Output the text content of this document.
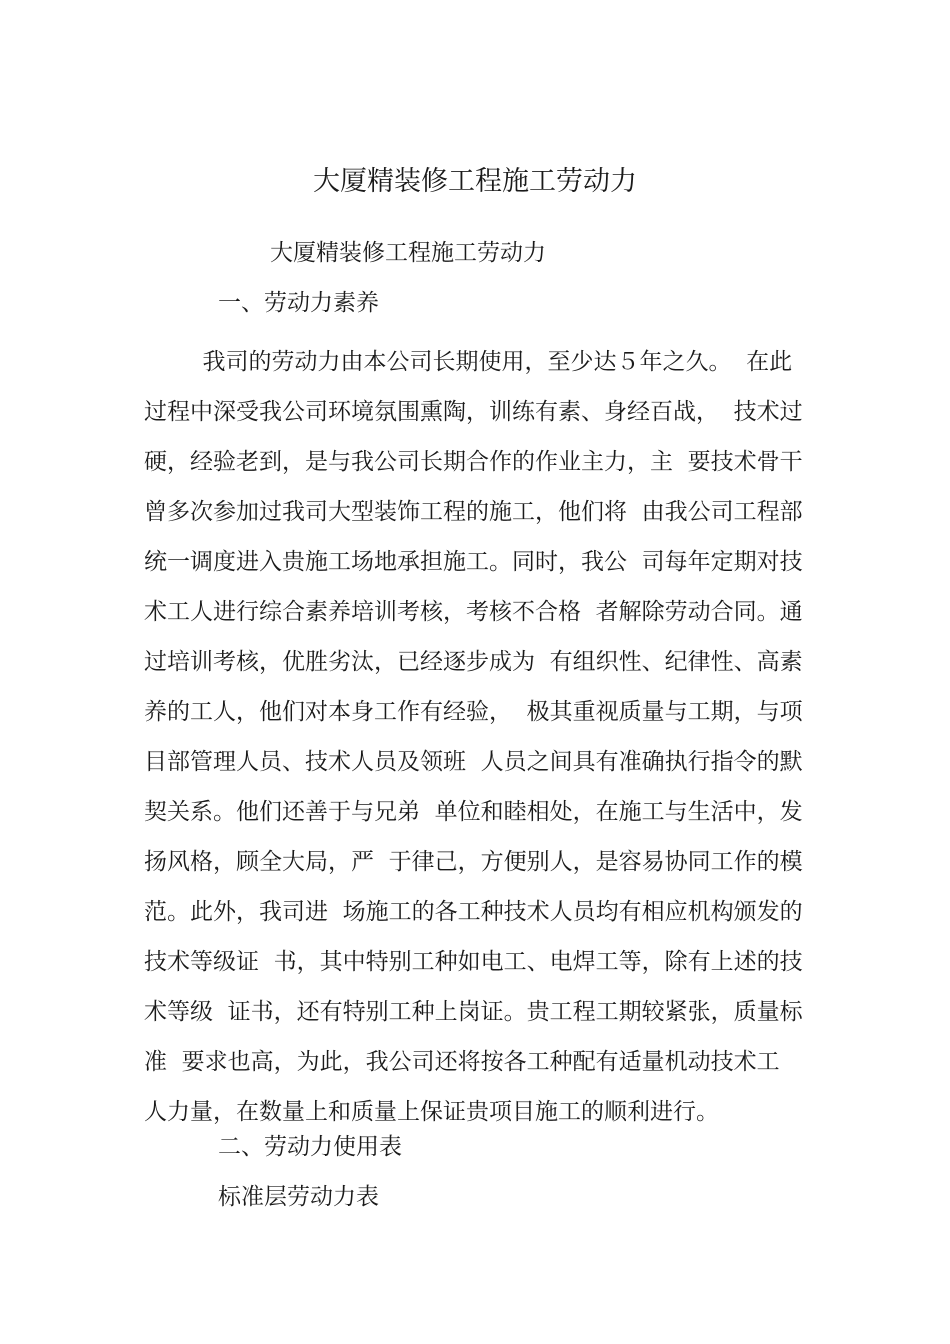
大厦精装修工程施工劳动力
大厦精装修工程施工劳动力
一、劳动力素养
我司的劳动力由本公司长期使用，至少达５年之久。  在此
过程中深受我公司环境氛围熏陶，训练有素、身经百战，  技术过
硬，经验老到，是与我公司长期合作的作业主力，主  要技术骨干
曾多次参加过我司大型装饰工程的施工，他们将  由我公司工程部
统一调度进入贵施工场地承担施工。同时，我公  司每年定期对技
术工人进行综合素养培训考核，考核不合格  者解除劳动合同。通
过培训考核，优胜劣汰，已经逐步成为  有组织性、纪律性、高素
养的工人，他们对本身工作有经验，  极其重视质量与工期，与项
目部管理人员、技术人员及领班  人员之间具有准确执行指令的默
契关系。他们还善于与兄弟  单位和睦相处，在施工与生活中，发
扬风格，顾全大局，严  于律己，方便别人，是容易协同工作的模
范。此外，我司进  场施工的各工种技术人员均有相应机构颁发的
技术等级证  书，其中特别工种如电工、电焊工等，除有上述的技
术等级  证书，还有特别工种上岗证。贵工程工期较紧张，质量标
准  要求也高，为此，我公司还将按各工种配有适量机动技术工
人力量，在数量上和质量上保证贵项目施工的顺利进行。
二、劳动力使用表
标准层劳动力表
